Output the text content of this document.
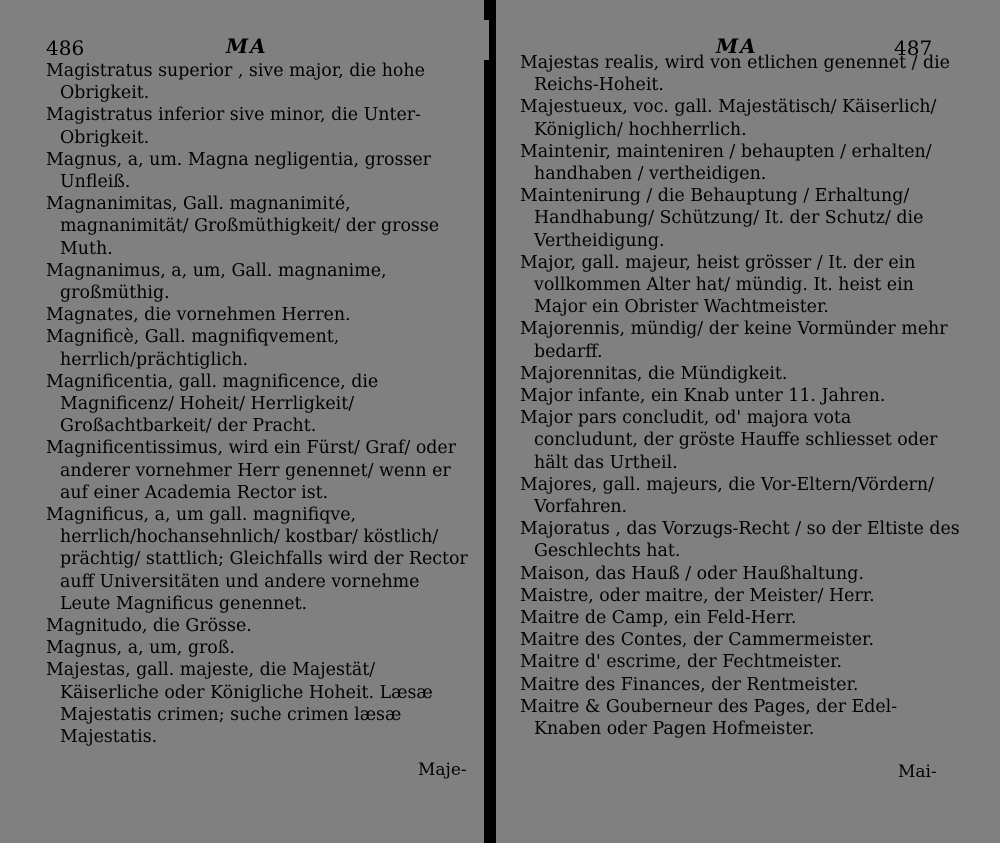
486	MA
Magistratus superior , sive major, die hohe Obrigkeit.
Magistratus inferior sive minor, die Unter-Obrigkeit.
Magnus, a, um. Magna negligentia, grosser Unfleiß.
Magnanimitas, Gall. magnanimité, magnanimität/ Großmüthigkeit/ der grosse Muth.
Magnanimus, a, um, Gall. magnanime, großmüthig.
Magnates, die vornehmen Herren.
Magnificè, Gall. magnifiqvement, herrlich/prächtiglich.
Magnificentia, gall. magnificence, die Magnificenz/ Hoheit/ Herrligkeit/ Großachtbarkeit/ der Pracht.
Magnificentissimus, wird ein Fürst/ Graf/ oder anderer vornehmer Herr genennet/ wenn er auf einer Academia Rector ist.
Magnificus, a, um gall. magnifiqve, herrlich/hochansehnlich/ kostbar/ köstlich/ prächtig/ stattlich; Gleichfalls wird der Rector auff Universitäten und andere vornehme Leute Magnificus genennet.
Magnitudo, die Grösse.
Magnus, a, um, groß.
Majestas, gall. majeste, die Majestät/ Käiserliche oder Königliche Hoheit. Læsæ Majestatis crimen; suche crimen læsæ Majestatis.
Maje-
MA	487
Majestas realis, wird von etlichen genennet / die Reichs-Hoheit.
Majestueux, voc. gall. Majestätisch/ Käiserlich/ Königlich/ hochherrlich.
Maintenir, mainteniren / behaupten / erhalten/ handhaben / vertheidigen.
Maintenirung / die Behauptung / Erhaltung/ Handhabung/ Schützung/ It. der Schutz/ die Vertheidigung.
Major, gall. majeur, heist grösser / It. der ein vollkommen Alter hat/ mündig. It. heist ein Major ein Obrister Wachtmeister.
Majorennis, mündig/ der keine Vormünder mehr bedarff.
Majorennitas, die Mündigkeit.
Major infante, ein Knab unter 11. Jahren.
Major pars concludit, od' majora vota concludunt, der gröste Hauffe schliesset oder hält das Urtheil.
Majores, gall. majeurs, die Vor-Eltern/Vördern/ Vorfahren.
Majoratus , das Vorzugs-Recht / so der Eltiste des Geschlechts hat.
Maison, das Hauß / oder Haußhaltung.
Maistre, oder maitre, der Meister/ Herr.
Maitre de Camp, ein Feld-Herr.
Maitre des Contes, der Cammermeister.
Maitre d' escrime, der Fechtmeister.
Maitre des Finances, der Rentmeister.
Maitre & Gouberneur des Pages, der Edel-Knaben oder Pagen Hofmeister.
Mai-
